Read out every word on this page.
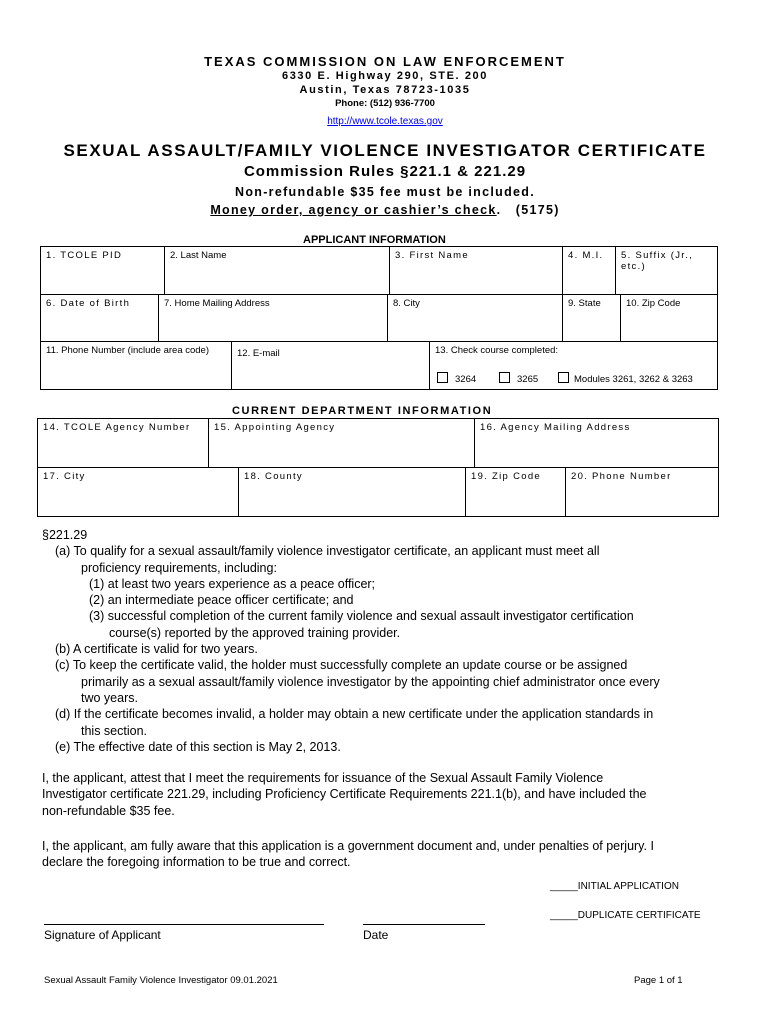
TEXAS COMMISSION ON LAW ENFORCEMENT
6330 E. Highway 290, STE. 200
Austin, Texas 78723-1035
Phone: (512) 936-7700
http://www.tcole.texas.gov
SEXUAL ASSAULT/FAMILY VIOLENCE INVESTIGATOR CERTIFICATE
Commission Rules §221.1 & 221.29
Non-refundable $35 fee must be included.
Money order, agency or cashier’s check. (5175)
APPLICANT INFORMATION
1. TCOLE PID	2. Last Name	3. First Name	4. M.I.	5. Suffix (Jr., etc.)
6. Date of Birth	7. Home Mailing Address	8. City	9. State	10. Zip Code
11. Phone Number (include area code)	12. E-mail	13. Check course completed:
3264	3265	Modules 3261, 3262 & 3263
CURRENT DEPARTMENT INFORMATION
14. TCOLE Agency Number	15. Appointing Agency	16. Agency Mailing Address
17. City	18. County	19. Zip Code	20. Phone Number
§221.29
(a) To qualify for a sexual assault/family violence investigator certificate, an applicant must meet all
proficiency requirements, including:
(1) at least two years experience as a peace officer;
(2) an intermediate peace officer certificate; and
(3) successful completion of the current family violence and sexual assault investigator certification
course(s) reported by the approved training provider.
(b) A certificate is valid for two years.
(c) To keep the certificate valid, the holder must successfully complete an update course or be assigned
primarily as a sexual assault/family violence investigator by the appointing chief administrator once every
two years.
(d) If the certificate becomes invalid, a holder may obtain a new certificate under the application standards in
this section.
(e) The effective date of this section is May 2, 2013.
I, the applicant, attest that I meet the requirements for issuance of the Sexual Assault Family Violence
Investigator certificate 221.29, including Proficiency Certificate Requirements 221.1(b), and have included the
non-refundable $35 fee.
I, the applicant, am fully aware that this application is a government document and, under penalties of perjury. I
declare the foregoing information to be true and correct.
_____INITIAL APPLICATION
_____DUPLICATE CERTIFICATE
Signature of Applicant	Date
Sexual Assault Family Violence Investigator 09.01.2021	Page 1 of 1
